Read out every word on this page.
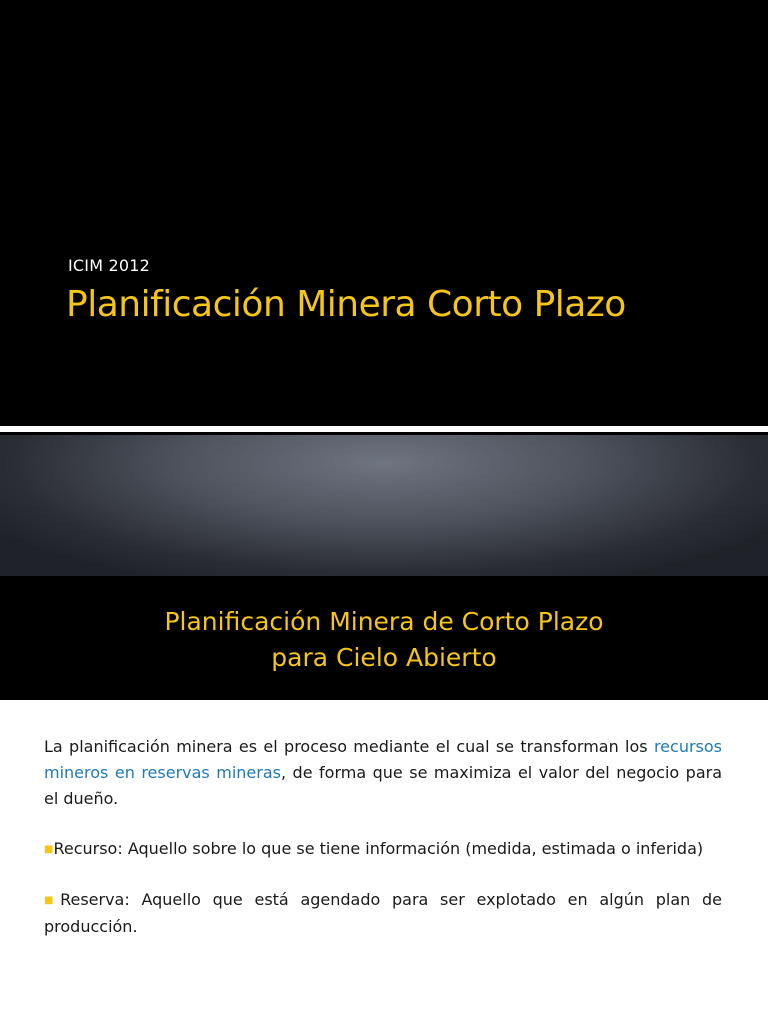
ICIM 2012
Planificación Minera Corto Plazo
Planificación Minera de Corto Plazo
para Cielo Abierto

La planificación minera es el proceso mediante el cual se transforman los recursos mineros en reservas mineras, de forma que se maximiza el valor del negocio para el dueño.

■Recurso: Aquello sobre lo que se tiene información (medida, estimada o inferida)

■Reserva: Aquello que está agendado para ser explotado en algún plan de producción.
